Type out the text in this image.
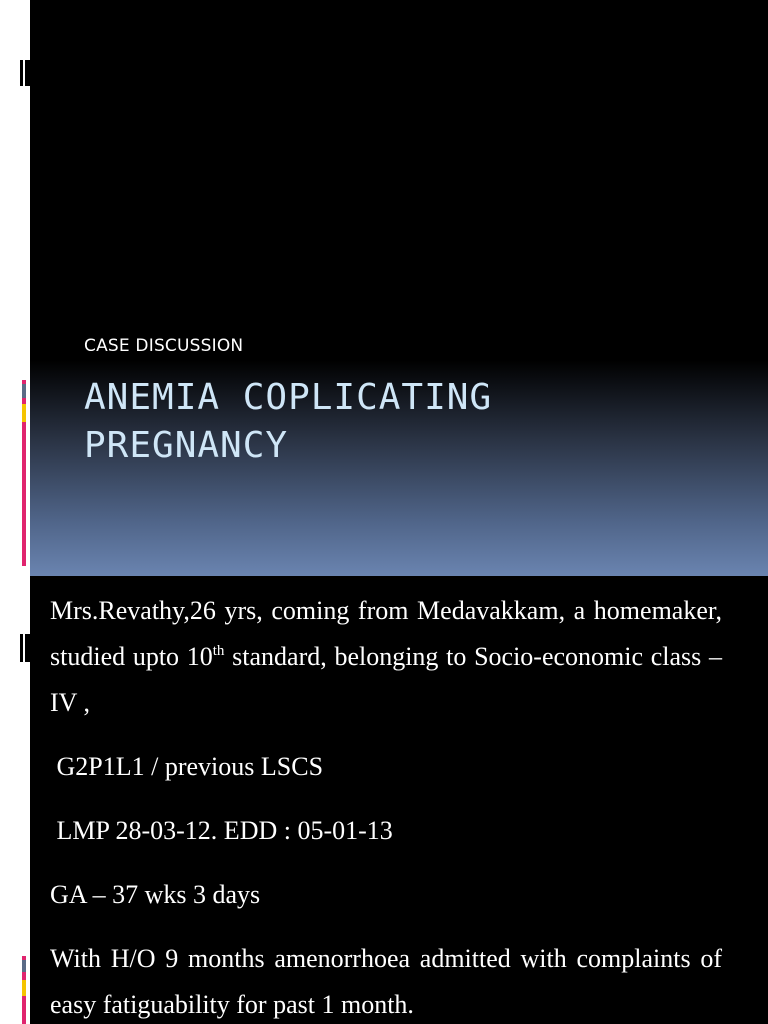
CASE DISCUSSION
ANEMIA COPLICATING
PREGNANCY

Mrs.Revathy,26 yrs, coming from Medavakkam, a homemaker, studied upto 10th standard, belonging to Socio-economic class – IV ,

G2P1L1 / previous LSCS

LMP 28-03-12. EDD : 05-01-13

GA – 37 wks 3 days

With H/O 9 months amenorrhoea admitted with complaints of easy fatiguability for past 1 month.
